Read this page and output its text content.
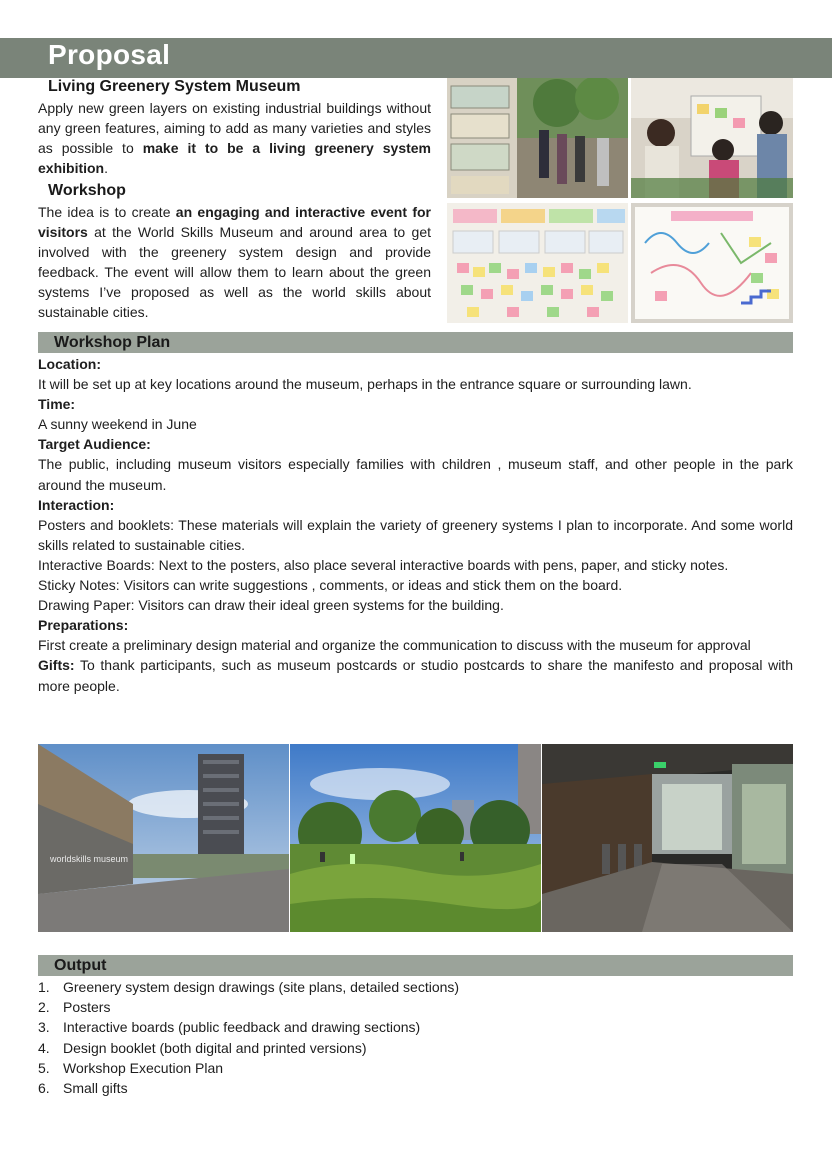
Proposal
Living Greenery System Museum

Apply new green layers on existing industrial buildings without any green features, aiming to add as many varieties and styles as possible to make it to be a living greenery system exhibition.

Workshop

The idea is to create an engaging and interactive event for visitors at the World Skills Museum and around area to get involved with the greenery system design and provide feedback. The event will allow them to learn about the green systems I’ve proposed as well as the world skills about sustainable cities.

Workshop Plan

Location:

It will be set up at key locations around the museum, perhaps in the entrance square or surrounding lawn.

Time:

A sunny weekend in June

Target Audience:

The public, including museum visitors especially families with children , museum staff, and other people in the park around the museum.

Interaction:

Posters and booklets: These materials will explain the variety of greenery systems I plan to incorporate. And some world skills related to sustainable cities.

Interactive Boards: Next to the posters, also place several interactive boards with pens, paper, and sticky notes.

Sticky Notes: Visitors can write suggestions , comments, or ideas and stick them on the board.

Drawing Paper: Visitors can draw their ideal green systems for the building.

Preparations:

First create a preliminary design material and organize the communication to discuss with the museum for approval

Gifts: To thank participants, such as museum postcards or studio postcards to share the manifesto and proposal with more people.

worldskills museum
Output
1. Greenery system design drawings (site plans, detailed sections)
2. Posters
3. Interactive boards (public feedback and drawing sections)
4. Design booklet (both digital and printed versions)
5. Workshop Execution Plan
6. Small gifts
